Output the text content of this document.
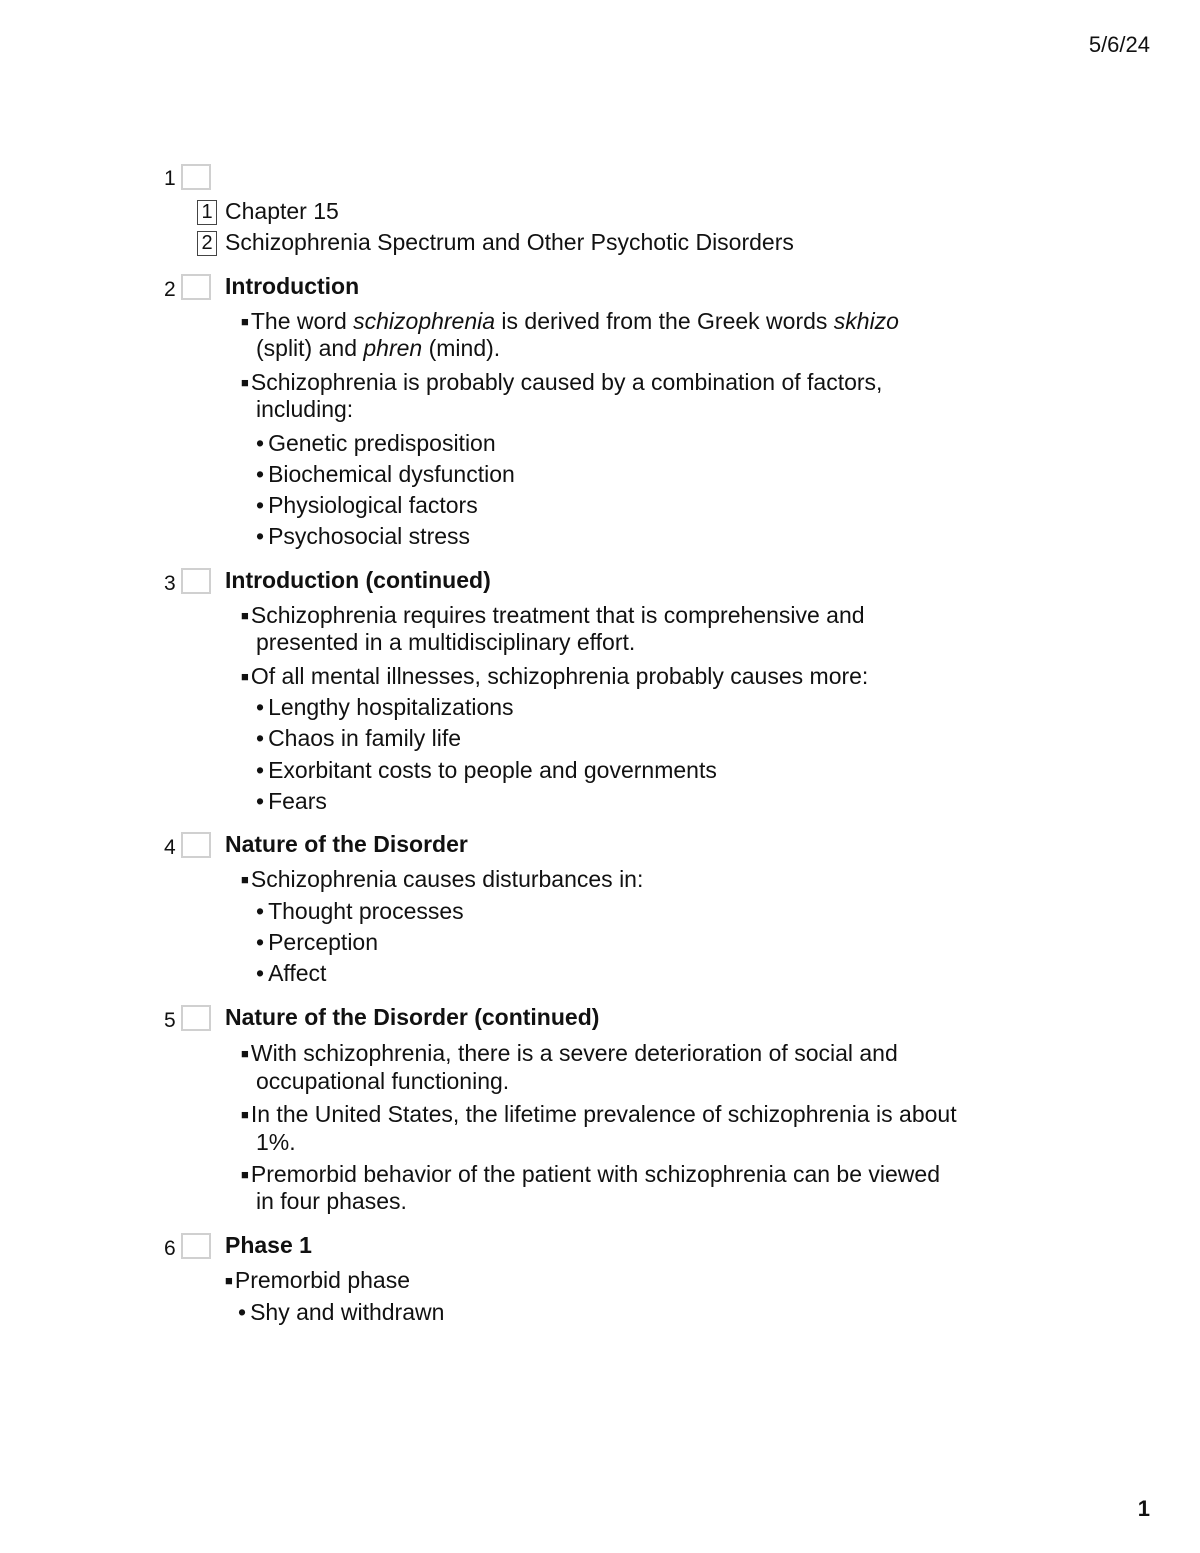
5/6/24
1
1 Chapter 15
2 Schizophrenia Spectrum and Other Psychotic Disorders
2 Introduction
■The word schizophrenia is derived from the Greek words skhizo
(split) and phren (mind).
■Schizophrenia is probably caused by a combination of factors,
including:
• Genetic predisposition
• Biochemical dysfunction
• Physiological factors
• Psychosocial stress
3 Introduction (continued)
■Schizophrenia requires treatment that is comprehensive and
presented in a multidisciplinary effort.
■Of all mental illnesses, schizophrenia probably causes more:
• Lengthy hospitalizations
• Chaos in family life
• Exorbitant costs to people and governments
• Fears
4 Nature of the Disorder
■Schizophrenia causes disturbances in:
• Thought processes
• Perception
• Affect
5 Nature of the Disorder (continued)
■With schizophrenia, there is a severe deterioration of social and
occupational functioning.
■In the United States, the lifetime prevalence of schizophrenia is about
1%.
■Premorbid behavior of the patient with schizophrenia can be viewed
in four phases.
6 Phase 1
■Premorbid phase
• Shy and withdrawn
1
